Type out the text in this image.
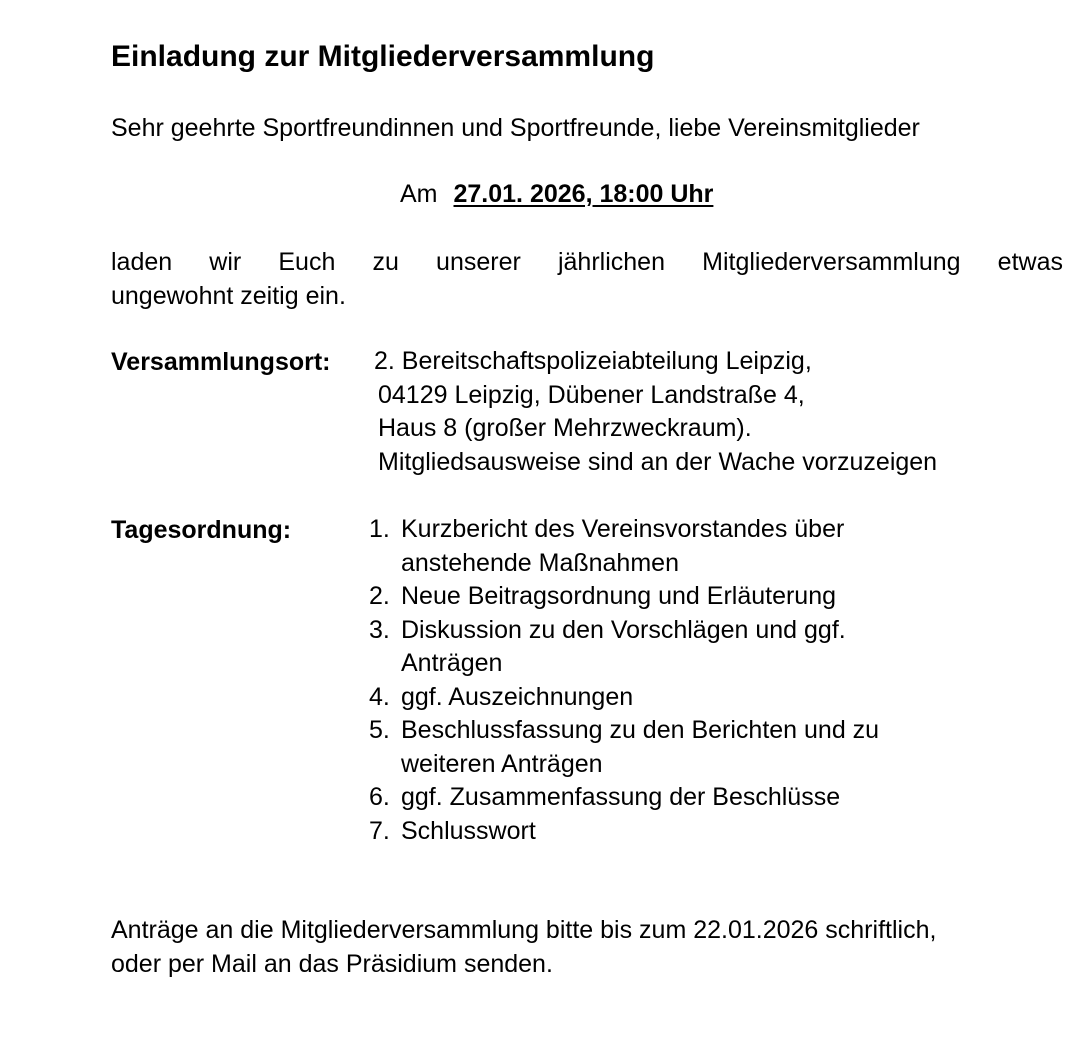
Einladung zur Mitgliederversammlung
Sehr geehrte Sportfreundinnen und Sportfreunde, liebe Vereinsmitglieder
Am 27.01. 2026, 18:00 Uhr
laden wir Euch zu unserer jährlichen Mitgliederversammlung etwas
ungewohnt zeitig ein.
Versammlungsort: 2. Bereitschaftspolizeiabteilung Leipzig,
04129 Leipzig, Dübener Landstraße 4,
Haus 8 (großer Mehrzweckraum).
Mitgliedsausweise sind an der Wache vorzuzeigen
Tagesordnung:	1. Kurzbericht des Vereinsvorstandes über anstehende Maßnahmen
2. Neue Beitragsordnung und Erläuterung
3. Diskussion zu den Vorschlägen und ggf. Anträgen
4. ggf. Auszeichnungen
5. Beschlussfassung zu den Berichten und zu weiteren Anträgen
6. ggf. Zusammenfassung der Beschlüsse
7. Schlusswort
Anträge an die Mitgliederversammlung bitte bis zum 22.01.2026 schriftlich,
oder per Mail an das Präsidium senden.
